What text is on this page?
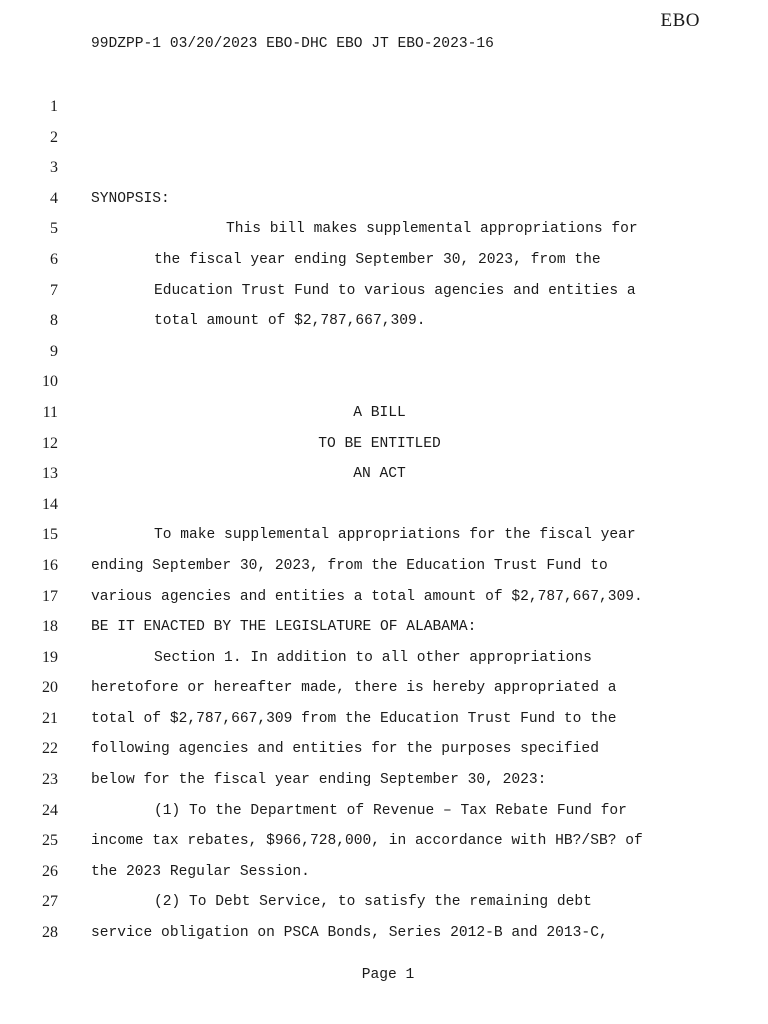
EBO
99DZPP-1 03/20/2023 EBO-DHC EBO JT EBO-2023-16
1
2
3
4 SYNOPSIS:
5	This bill makes supplemental appropriations for
6	the fiscal year ending September 30, 2023, from the
7	Education Trust Fund to various agencies and entities a
8	total amount of $2,787,667,309.
9
10
11	A BILL
12	TO BE ENTITLED
13	AN ACT
14
15	To make supplemental appropriations for the fiscal year
16 ending September 30, 2023, from the Education Trust Fund to
17 various agencies and entities a total amount of $2,787,667,309.
18 BE IT ENACTED BY THE LEGISLATURE OF ALABAMA:
19	Section 1. In addition to all other appropriations
20 heretofore or hereafter made, there is hereby appropriated a
21 total of $2,787,667,309 from the Education Trust Fund to the
22 following agencies and entities for the purposes specified
23 below for the fiscal year ending September 30, 2023:
24	(1) To the Department of Revenue – Tax Rebate Fund for
25 income tax rebates, $966,728,000, in accordance with HB?/SB? of
26 the 2023 Regular Session.
27	(2) To Debt Service, to satisfy the remaining debt
28 service obligation on PSCA Bonds, Series 2012-B and 2013-C,
Page 1
